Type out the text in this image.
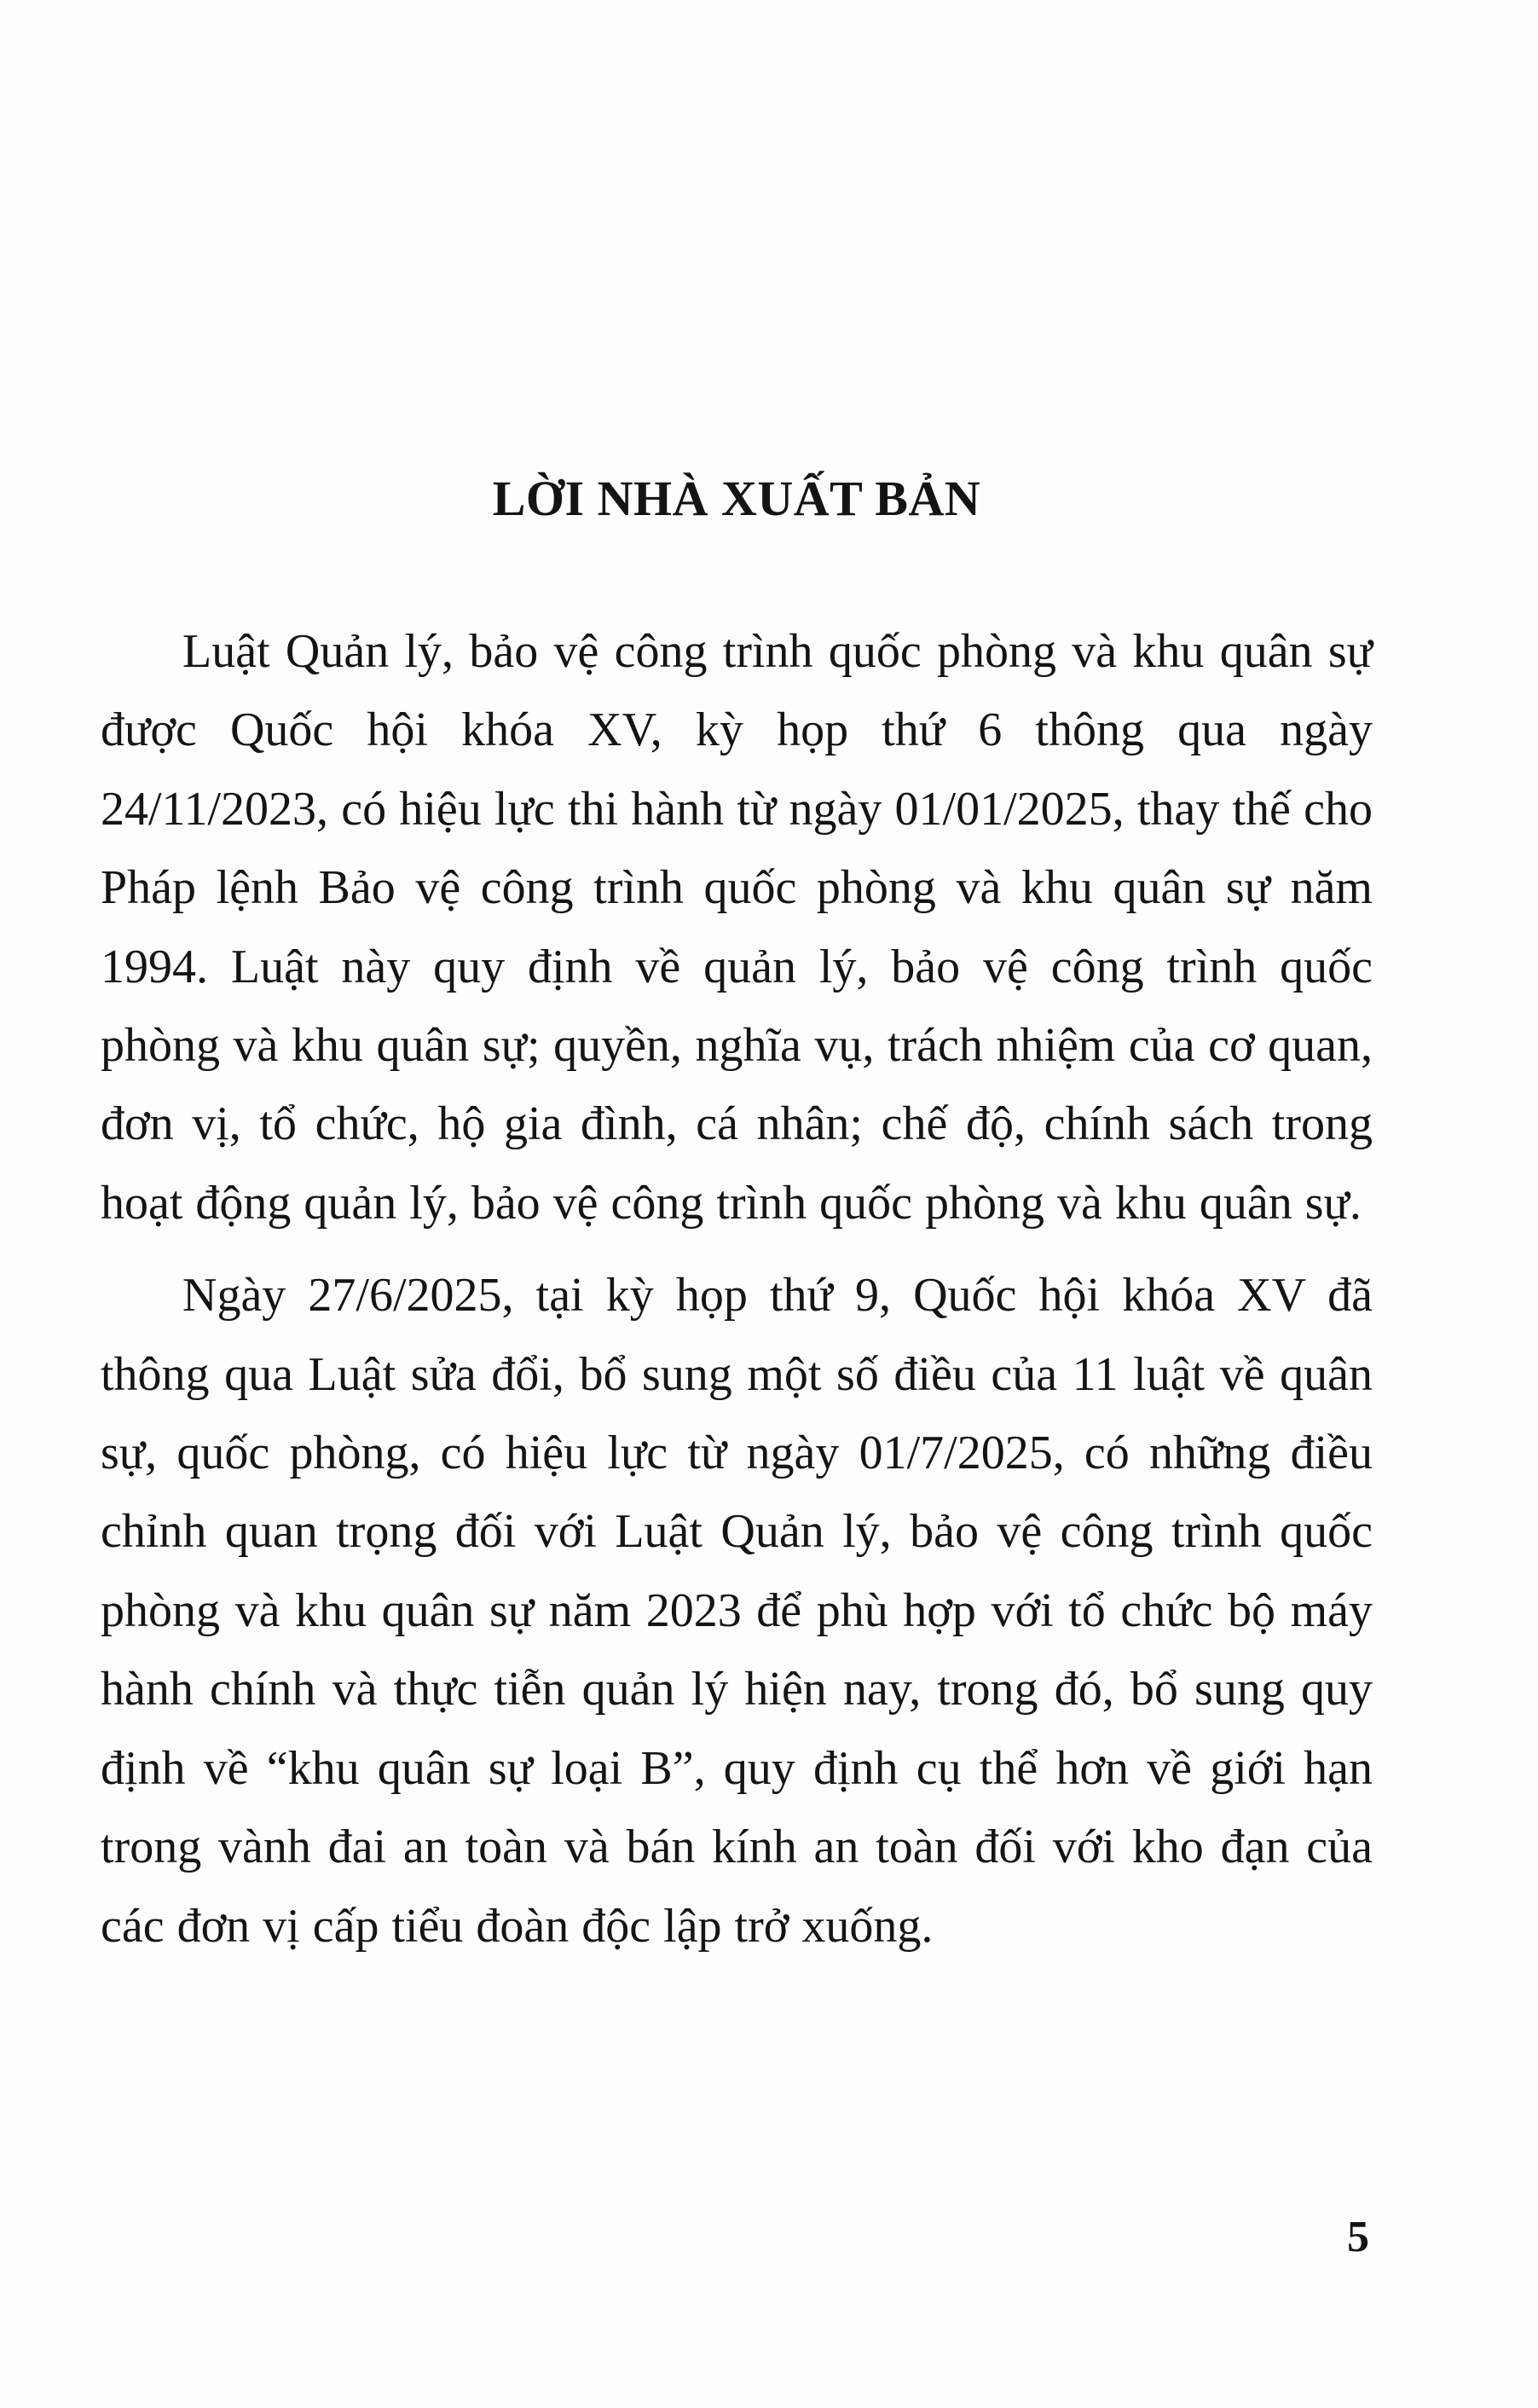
LỜI NHÀ XUẤT BẢN

Luật Quản lý, bảo vệ công trình quốc phòng và khu quân sự được Quốc hội khóa XV, kỳ họp thứ 6 thông qua ngày 24/11/2023, có hiệu lực thi hành từ ngày 01/01/2025, thay thế cho Pháp lệnh Bảo vệ công trình quốc phòng và khu quân sự năm 1994. Luật này quy định về quản lý, bảo vệ công trình quốc phòng và khu quân sự; quyền, nghĩa vụ, trách nhiệm của cơ quan, đơn vị, tổ chức, hộ gia đình, cá nhân; chế độ, chính sách trong hoạt động quản lý, bảo vệ công trình quốc phòng và khu quân sự.

Ngày 27/6/2025, tại kỳ họp thứ 9, Quốc hội khóa XV đã thông qua Luật sửa đổi, bổ sung một số điều của 11 luật về quân sự, quốc phòng, có hiệu lực từ ngày 01/7/2025, có những điều chỉnh quan trọng đối với Luật Quản lý, bảo vệ công trình quốc phòng và khu quân sự năm 2023 để phù hợp với tổ chức bộ máy hành chính và thực tiễn quản lý hiện nay, trong đó, bổ sung quy định về “khu quân sự loại B”, quy định cụ thể hơn về giới hạn trong vành đai an toàn và bán kính an toàn đối với kho đạn của các đơn vị cấp tiểu đoàn độc lập trở xuống.

5
